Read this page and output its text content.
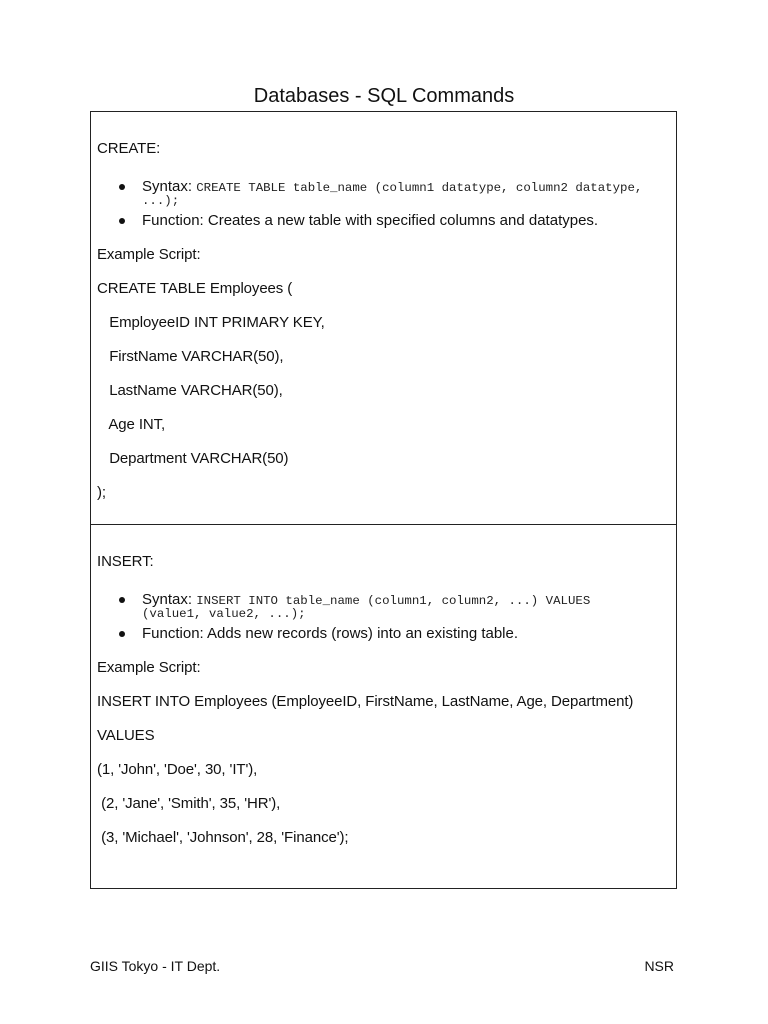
Databases - SQL Commands
CREATE:
Syntax: CREATE TABLE table_name (column1 datatype, column2 datatype,
...);
Function: Creates a new table with specified columns and datatypes.
Example Script:
CREATE TABLE Employees (
EmployeeID INT PRIMARY KEY,
FirstName VARCHAR(50),
LastName VARCHAR(50),
Age INT,
Department VARCHAR(50)
);
INSERT:
Syntax: INSERT INTO table_name (column1, column2, ...) VALUES
(value1, value2, ...);
Function: Adds new records (rows) into an existing table.
Example Script:
INSERT INTO Employees (EmployeeID, FirstName, LastName, Age, Department)
VALUES
(1, 'John', 'Doe', 30, 'IT'),
(2, 'Jane', 'Smith', 35, 'HR'),
(3, 'Michael', 'Johnson', 28, 'Finance');
GIIS Tokyo - IT Dept.	NSR
